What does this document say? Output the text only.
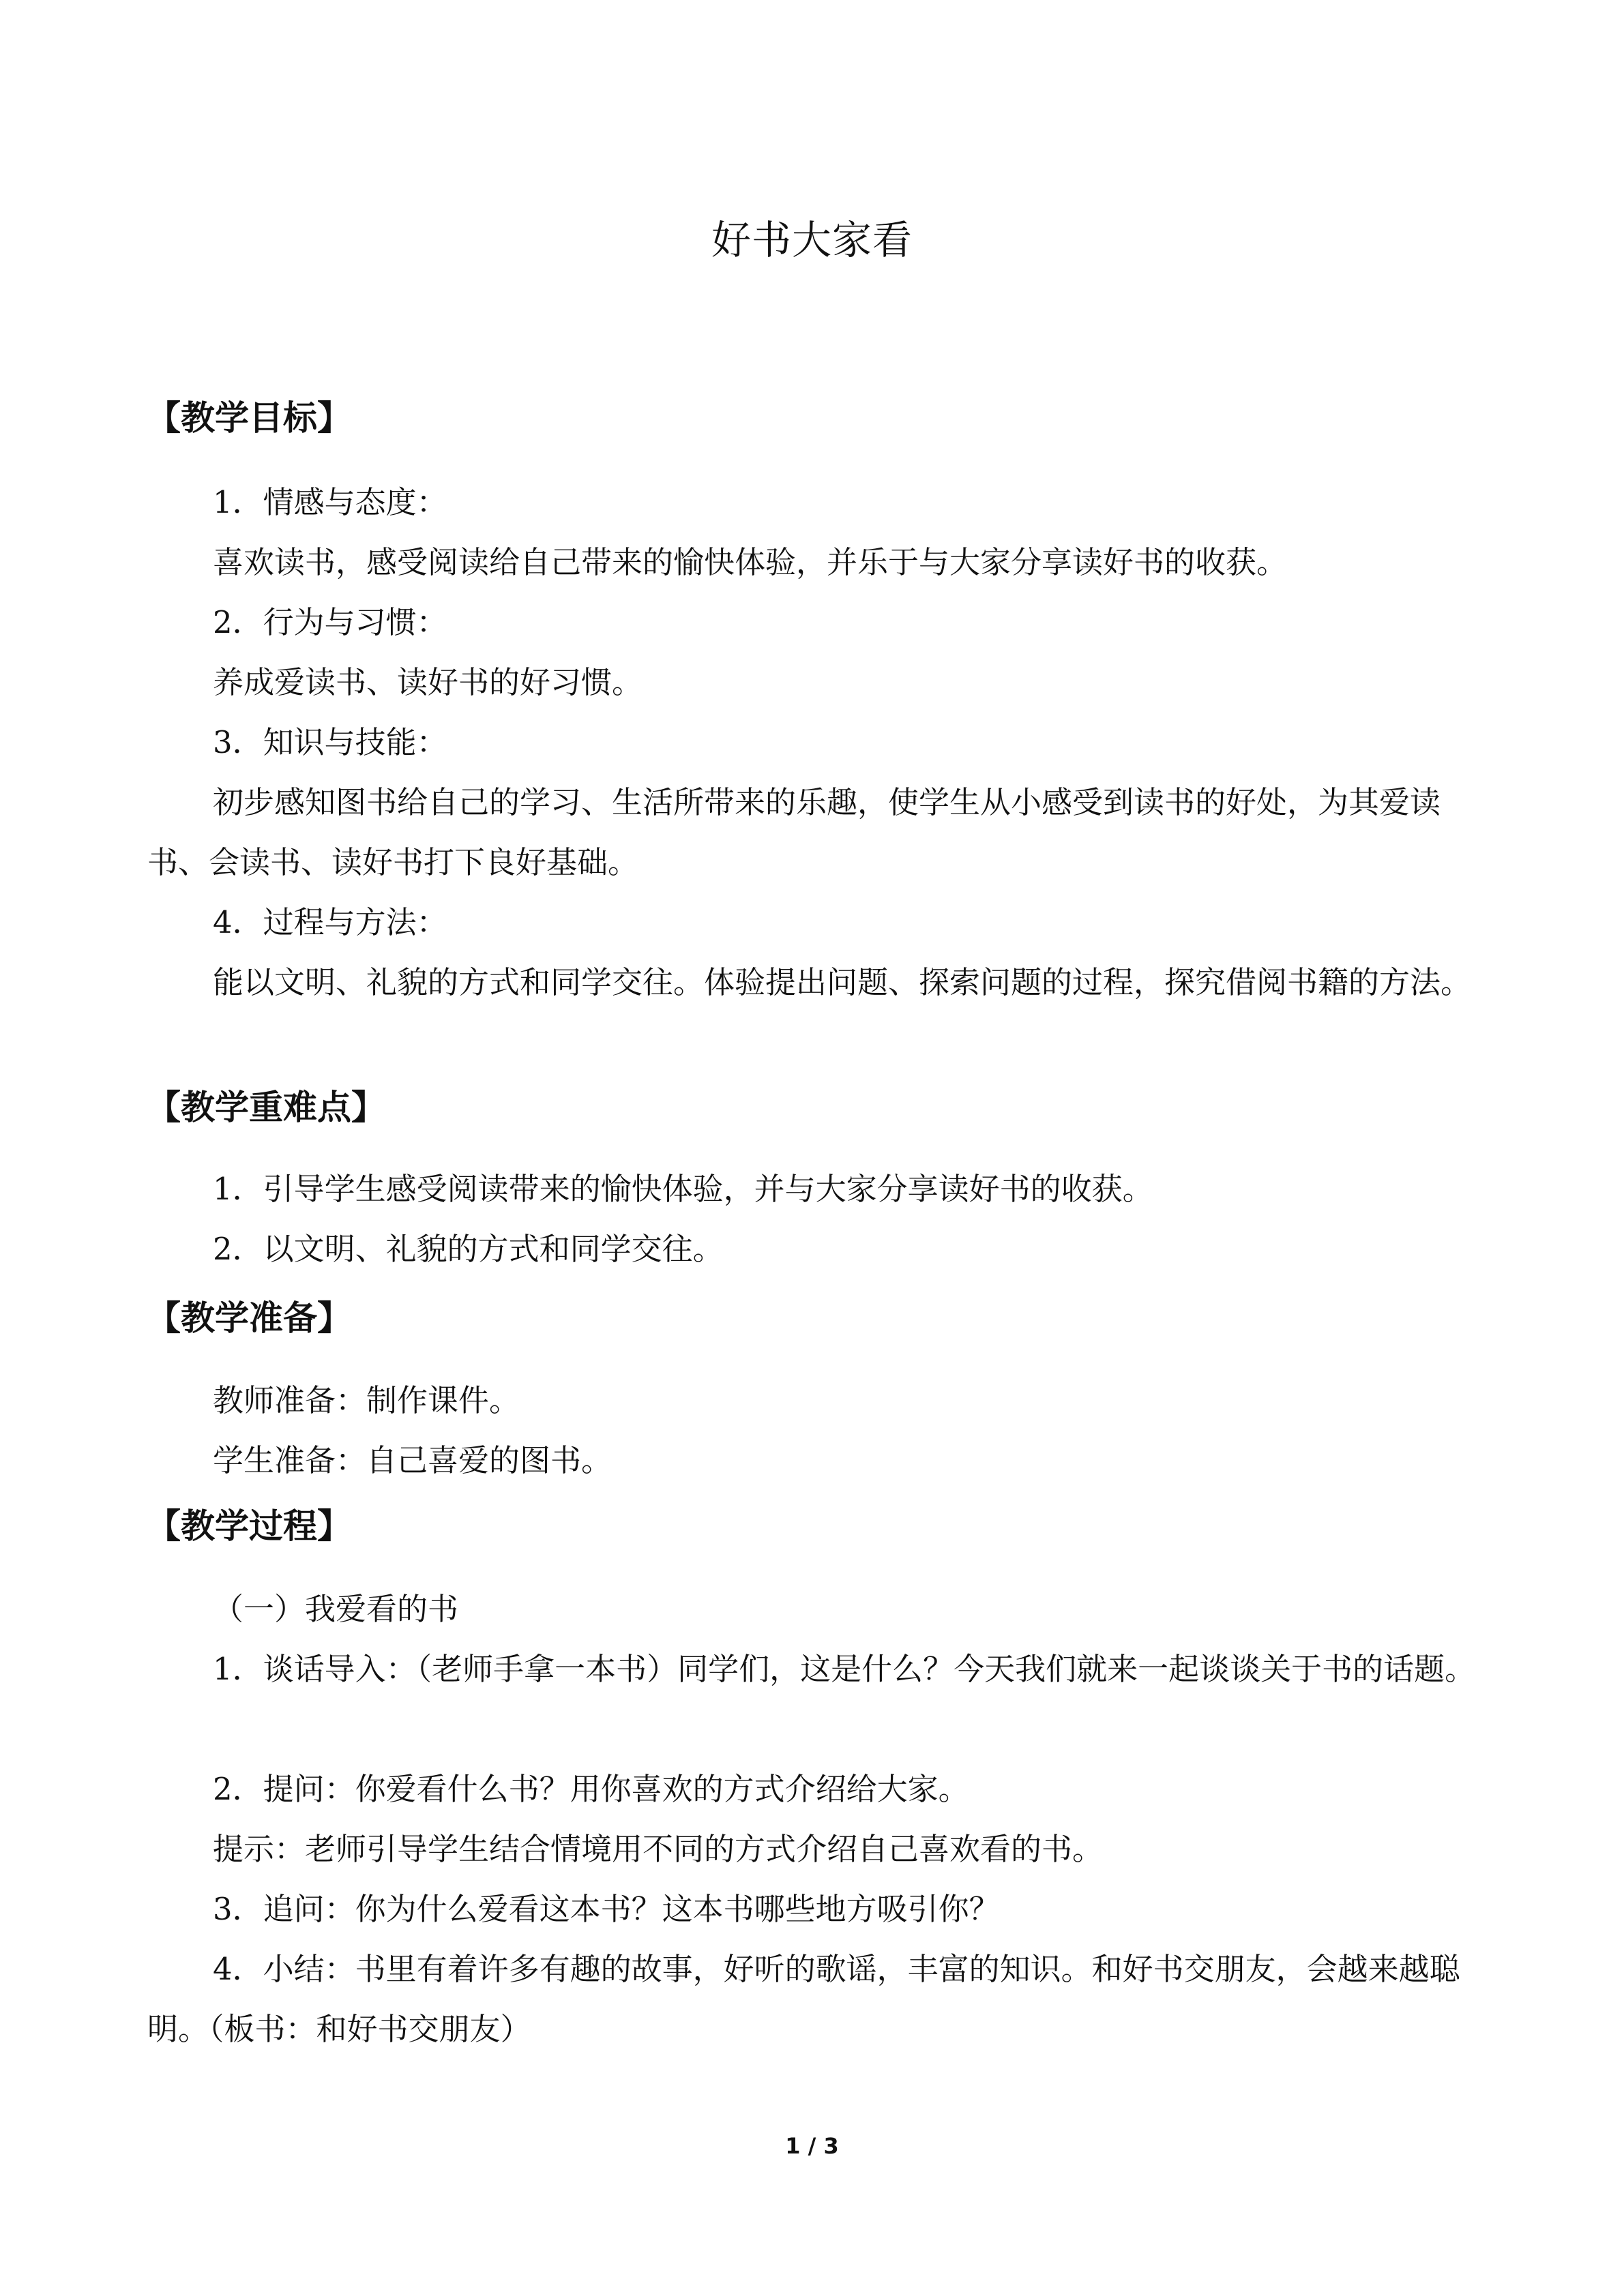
好书大家看
【教学目标】
1．情感与态度：
喜欢读书，感受阅读给自己带来的愉快体验，并乐于与大家分享读好书的收获。
2．行为与习惯：
养成爱读书、读好书的好习惯。
3．知识与技能：
初步感知图书给自己的学习、生活所带来的乐趣，使学生从小感受到读书的好处，为其爱读书、会读书、读好书打下良好基础。
4．过程与方法：
能以文明、礼貌的方式和同学交往。体验提出问题、探索问题的过程，探究借阅书籍的方法。
【教学重难点】
1．引导学生感受阅读带来的愉快体验，并与大家分享读好书的收获。
2．以文明、礼貌的方式和同学交往。
【教学准备】
教师准备：制作课件。
学生准备：自己喜爱的图书。
【教学过程】
（一）我爱看的书
1．谈话导入：（老师手拿一本书）同学们，这是什么？今天我们就来一起谈谈关于书的话题。
2．提问：你爱看什么书？用你喜欢的方式介绍给大家。
提示：老师引导学生结合情境用不同的方式介绍自己喜欢看的书。
3．追问：你为什么爱看这本书？这本书哪些地方吸引你？
4．小结：书里有着许多有趣的故事，好听的歌谣，丰富的知识。和好书交朋友，会越来越聪明。（板书：和好书交朋友）
1 / 3
